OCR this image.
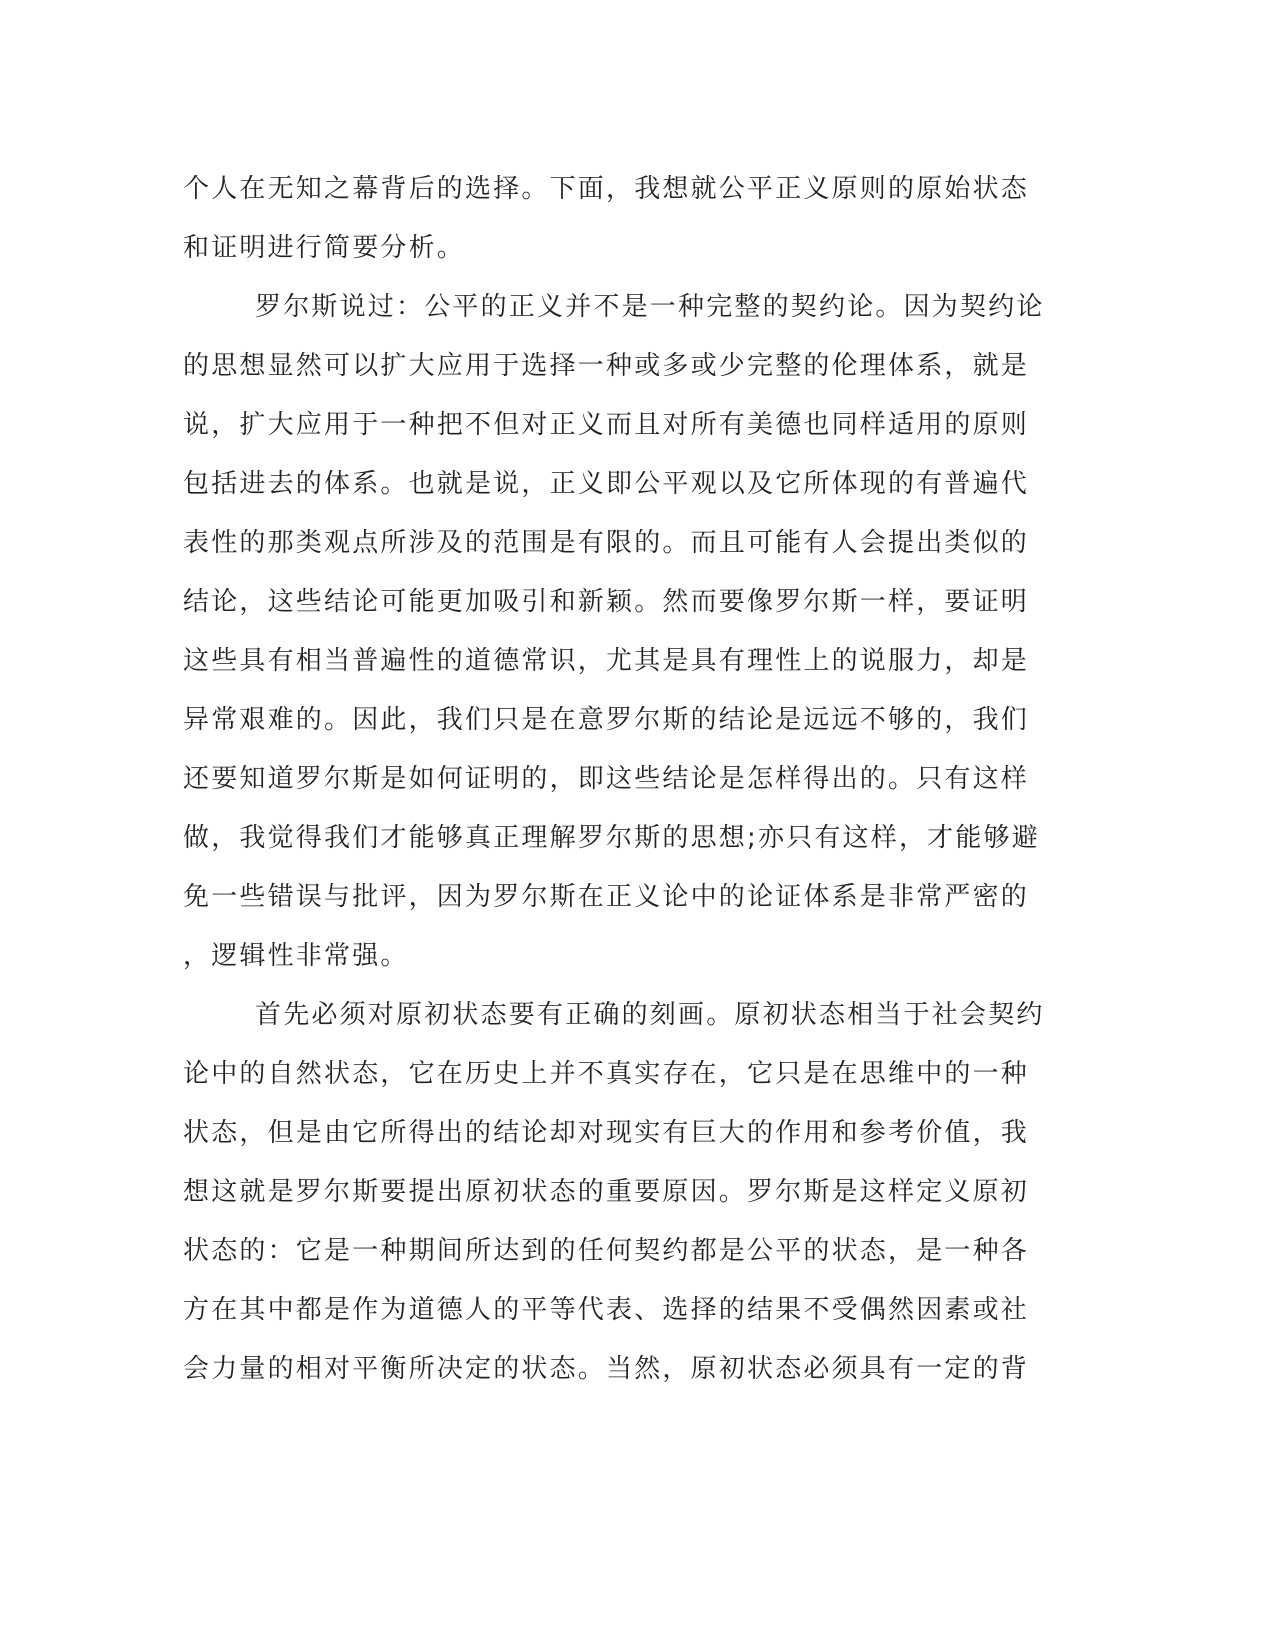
个人在无知之幕背后的选择。下面，我想就公平正义原则的原始状态
和证明进行简要分析。
罗尔斯说过：公平的正义并不是一种完整的契约论。因为契约论
的思想显然可以扩大应用于选择一种或多或少完整的伦理体系，就是
说，扩大应用于一种把不但对正义而且对所有美德也同样适用的原则
包括进去的体系。也就是说，正义即公平观以及它所体现的有普遍代
表性的那类观点所涉及的范围是有限的。而且可能有人会提出类似的
结论，这些结论可能更加吸引和新颖。然而要像罗尔斯一样，要证明
这些具有相当普遍性的道德常识，尤其是具有理性上的说服力，却是
异常艰难的。因此，我们只是在意罗尔斯的结论是远远不够的，我们
还要知道罗尔斯是如何证明的，即这些结论是怎样得出的。只有这样
做，我觉得我们才能够真正理解罗尔斯的思想;亦只有这样，才能够避
免一些错误与批评，因为罗尔斯在正义论中的论证体系是非常严密的
，逻辑性非常强。
首先必须对原初状态要有正确的刻画。原初状态相当于社会契约
论中的自然状态，它在历史上并不真实存在，它只是在思维中的一种
状态，但是由它所得出的结论却对现实有巨大的作用和参考价值，我
想这就是罗尔斯要提出原初状态的重要原因。罗尔斯是这样定义原初
状态的：它是一种期间所达到的任何契约都是公平的状态，是一种各
方在其中都是作为道德人的平等代表、选择的结果不受偶然因素或社
会力量的相对平衡所决定的状态。当然，原初状态必须具有一定的背
